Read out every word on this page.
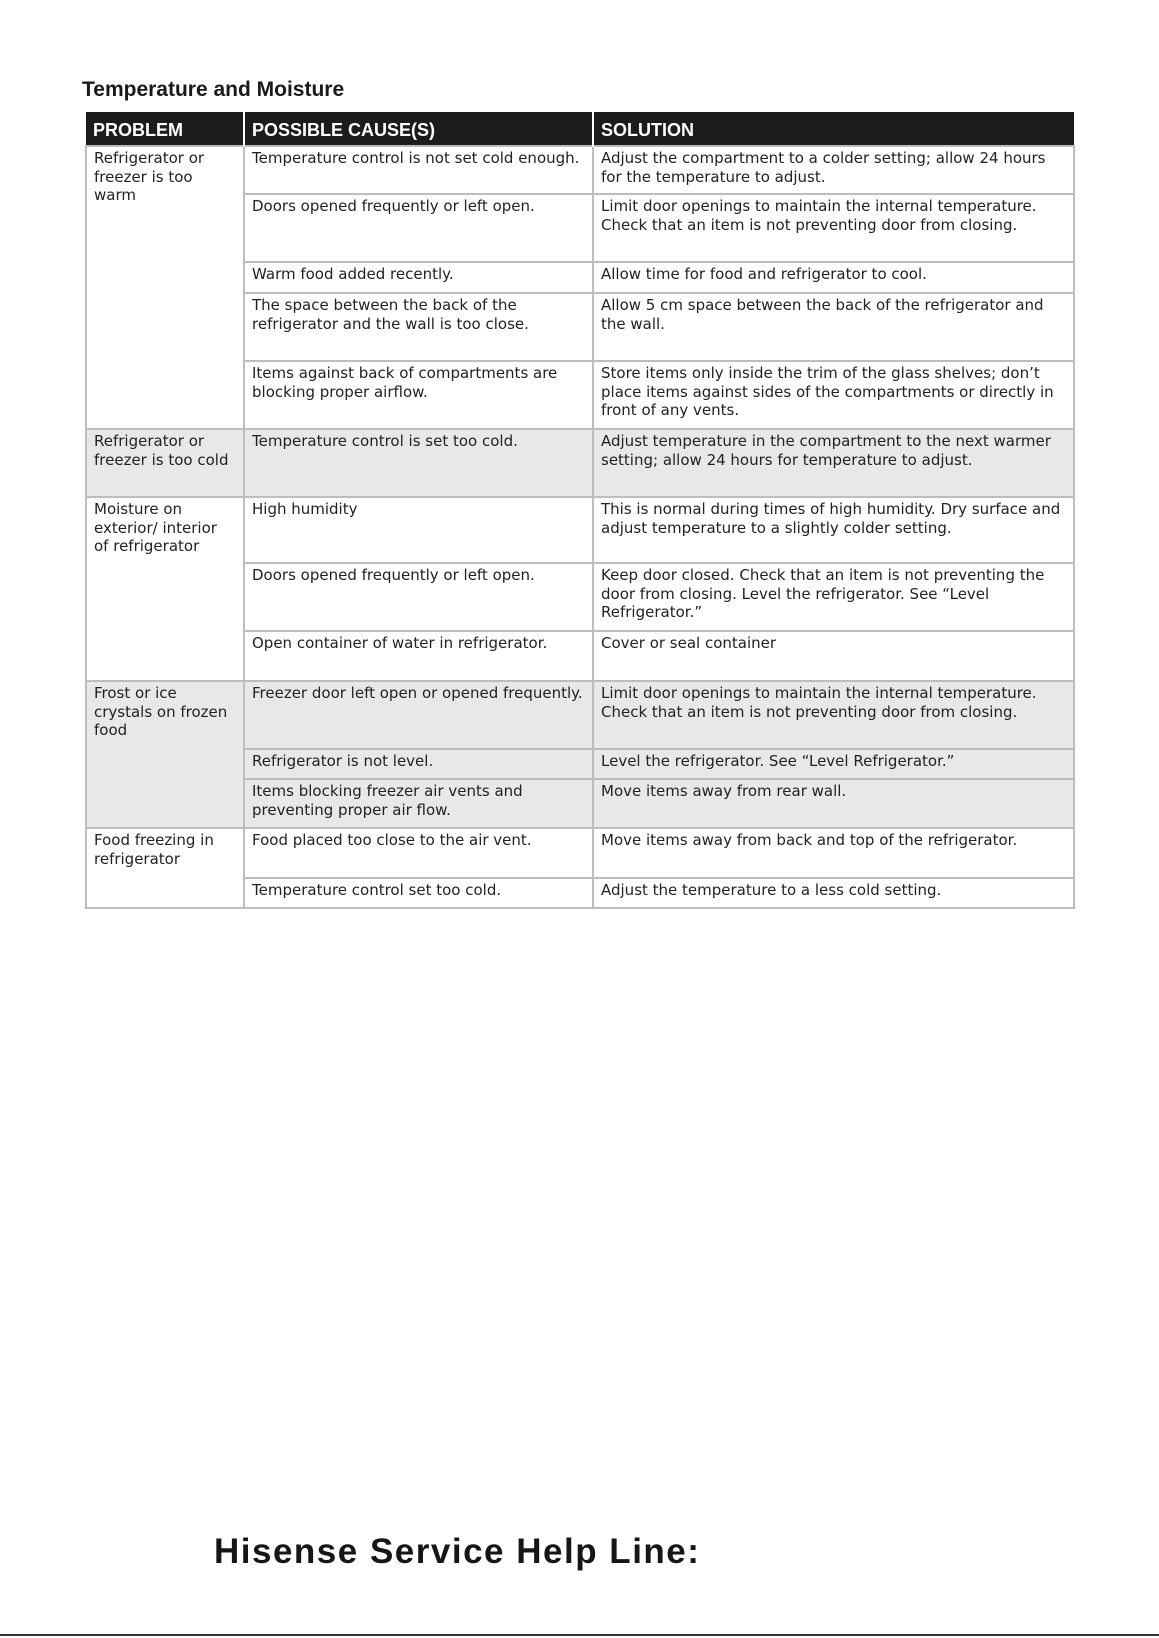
Temperature and Moisture
PROBLEM	POSSIBLE CAUSE(S)	SOLUTION
Refrigerator or freezer is too warm	Temperature control is not set cold enough.	Adjust the compartment to a colder setting; allow 24 hours for the temperature to adjust.
	Doors opened frequently or left open.	Limit door openings to maintain the internal temperature. Check that an item is not preventing door from closing.
	Warm food added recently.	Allow time for food and refrigerator to cool.
	The space between the back of the refrigerator and the wall is too close.	Allow 5 cm space between the back of the refrigerator and the wall.
	Items against back of compartments are blocking proper airflow.	Store items only inside the trim of the glass shelves; don’t place items against sides of the compartments or directly in front of any vents.
Refrigerator or freezer is too cold	Temperature control is set too cold.	Adjust temperature in the compartment to the next warmer setting; allow 24 hours for temperature to adjust.
Moisture on exterior/ interior of refrigerator	High humidity	This is normal during times of high humidity. Dry surface and adjust temperature to a slightly colder setting.
	Doors opened frequently or left open.	Keep door closed. Check that an item is not preventing the door from closing. Level the refrigerator. See “Level Refrigerator.”
	Open container of water in refrigerator.	Cover or seal container
Frost or ice crystals on frozen food	Freezer door left open or opened frequently.	Limit door openings to maintain the internal temperature. Check that an item is not preventing door from closing.
	Refrigerator is not level.	Level the refrigerator. See “Level Refrigerator.”
	Items blocking freezer air vents and preventing proper air flow.	Move items away from rear wall.
Food freezing in refrigerator	Food placed too close to the air vent.	Move items away from back and top of the refrigerator.
	Temperature control set too cold.	Adjust the temperature to a less cold setting.
Hisense Service Help Line:
